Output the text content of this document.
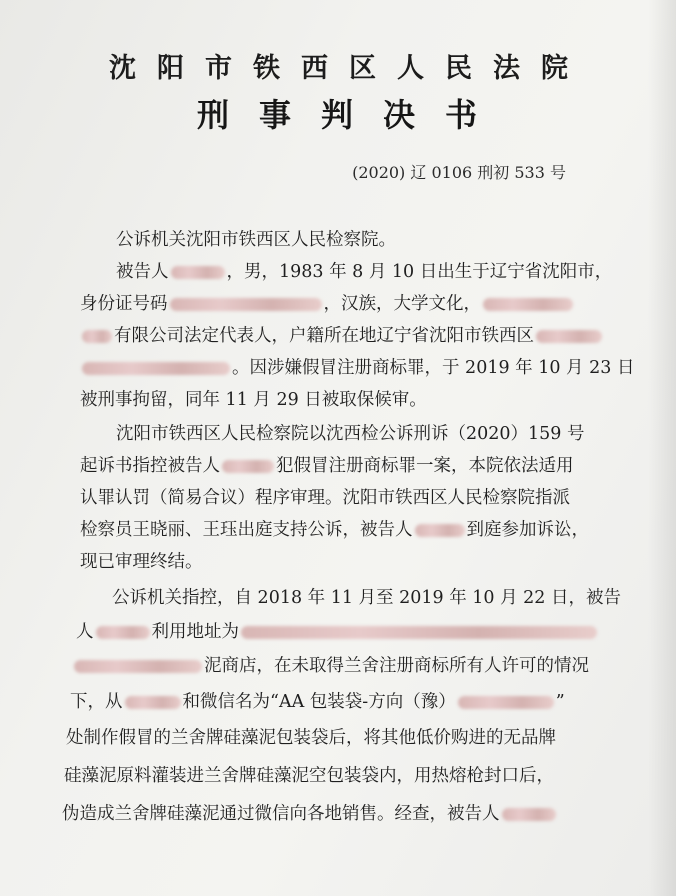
沈阳市铁西区人民法院
刑事判决书
(2020) 辽 0106 刑初 533 号
公诉机关沈阳市铁西区人民检察院。
被告人	，男，1983 年 8 月 10 日出生于辽宁省沈阳市，
身份证号码	，汉族，大学文化，
有限公司法定代表人，户籍所在地辽宁省沈阳市铁西区
。因涉嫌假冒注册商标罪，于 2019 年 10 月 23 日
被刑事拘留，同年 11 月 29 日被取保候审。
沈阳市铁西区人民检察院以沈西检公诉刑诉（2020）159 号
起诉书指控被告人	犯假冒注册商标罪一案，本院依法适用
认罪认罚（简易合议）程序审理。沈阳市铁西区人民检察院指派
检察员王晓丽、王珏出庭支持公诉，被告人	到庭参加诉讼，
现已审理终结。
公诉机关指控，自 2018 年 11 月至 2019 年 10 月 22 日，被告
人	利用地址为
泥商店，在未取得兰舍注册商标所有人许可的情况
下，从	和微信名为“AA 包装袋-方向（豫）	”
处制作假冒的兰舍牌硅藻泥包装袋后，将其他低价购进的无品牌
硅藻泥原料灌装进兰舍牌硅藻泥空包装袋内，用热熔枪封口后，
伪造成兰舍牌硅藻泥通过微信向各地销售。经查，被告人
